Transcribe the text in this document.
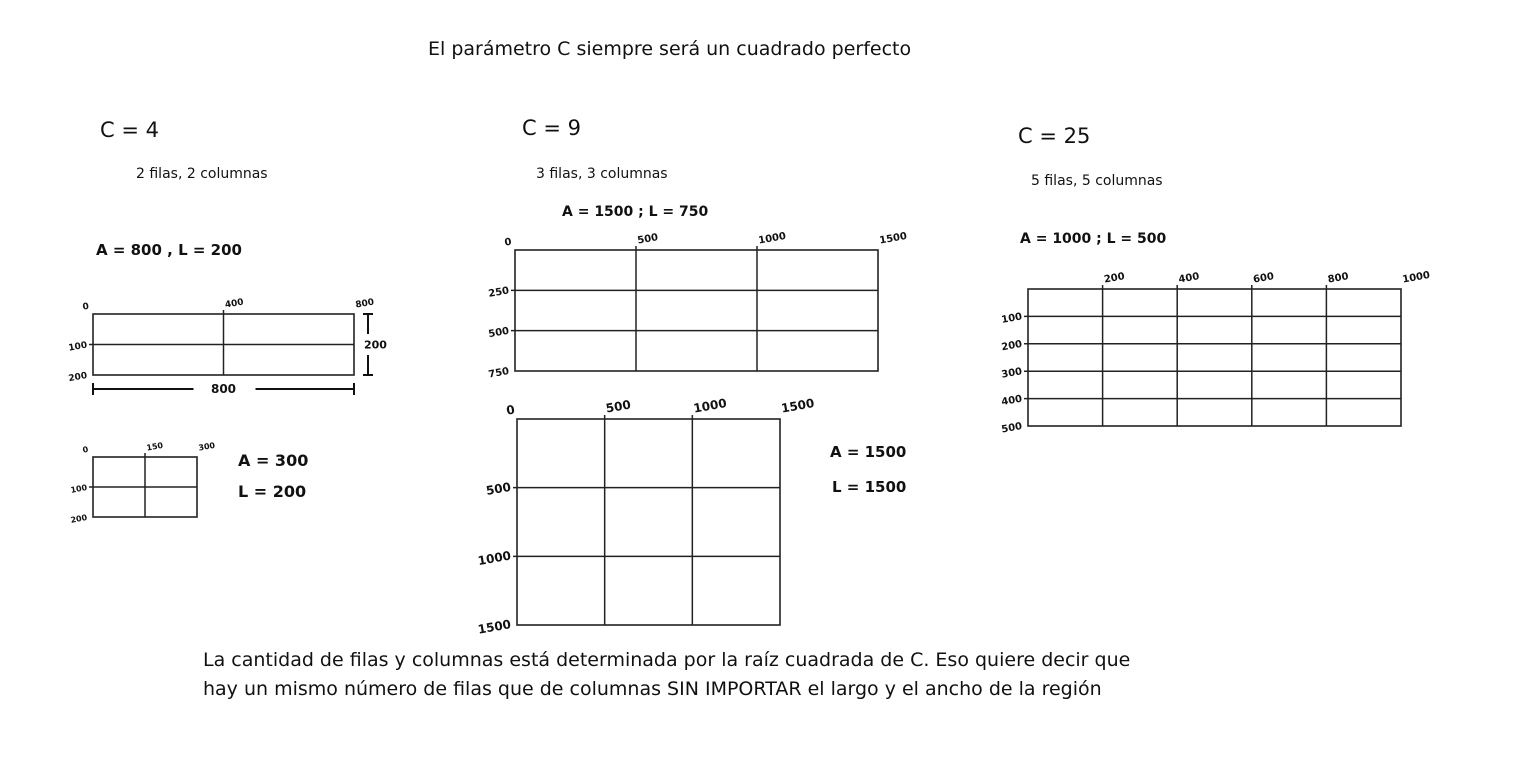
El parámetro C siempre será un cuadrado perfecto
C = 4
2 filas, 2 columnas
A = 800 , L = 200
C = 9
3 filas, 3 columnas
A = 1500 ; L = 750
C = 25
5 filas, 5 columnas
A = 1000 ; L = 500
A = 300
L = 200
A = 1500
L = 1500
0	400	800
100
200
200
800
0	150	300
100
200
0	500	1000	1500
250
500
750
0	500	1000	1500
500
1000
1500
200	400	600	800	1000
100
200
300
400
500
La cantidad de filas y columnas está determinada por la raíz cuadrada de C. Eso quiere decir que
hay un mismo número de filas que de columnas SIN IMPORTAR el largo y el ancho de la región
